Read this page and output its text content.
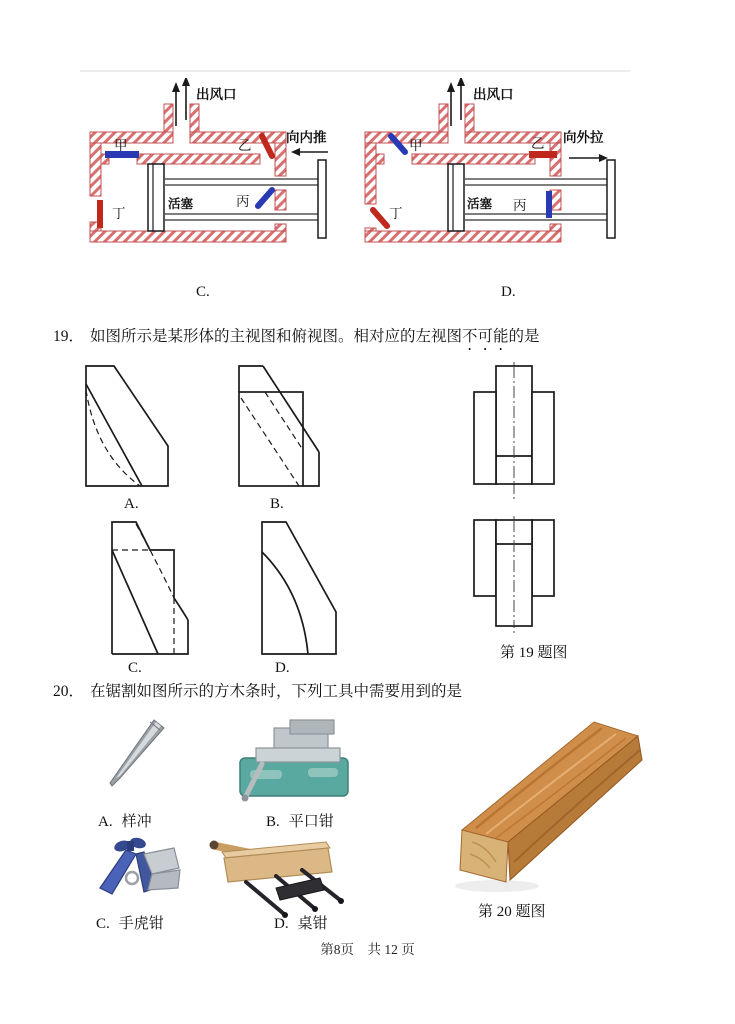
出风口
向内推
甲	乙
丙
丁
活塞
C.
出风口
向外拉
甲	乙
丙
丁
活塞
D.
19． 如图所示是某形体的主视图和俯视图。相对应的左视图不可能的是
A.	B.
C.	D.
第 19 题图
20． 在锯割如图所示的方木条时，下列工具中需要用到的是
A. 样冲	B. 平口钳
C. 手虎钳	D. 桌钳
第 20 题图
第8页　共 12 页
